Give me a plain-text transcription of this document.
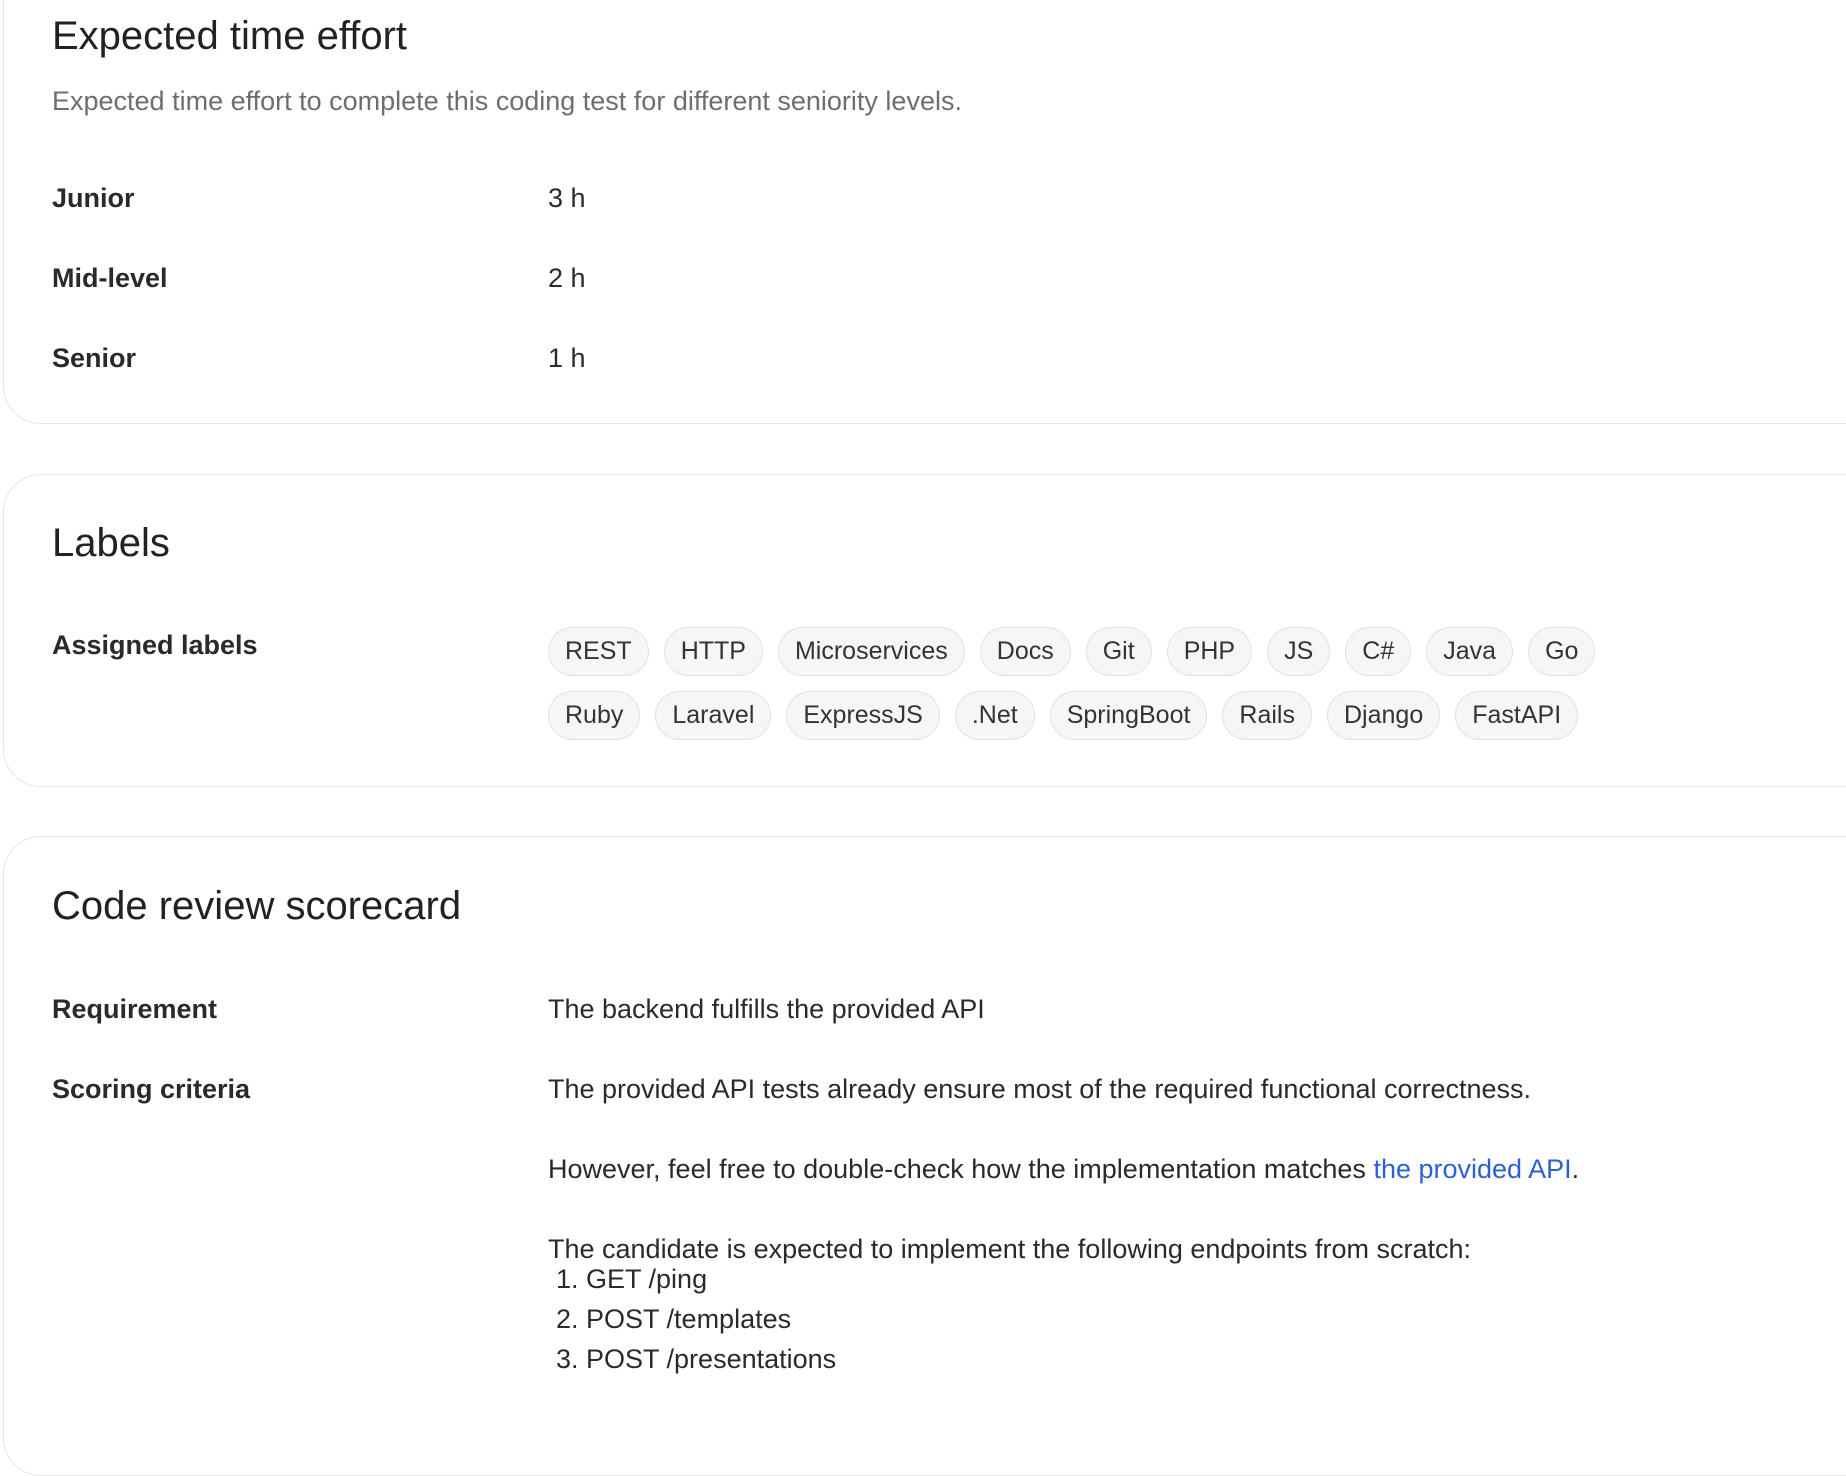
Expected time effort
Expected time effort to complete this coding test for different seniority levels.
Junior	3 h
Mid-level	2 h
Senior	1 h
Labels
Assigned labels	REST	HTTP	Microservices	Docs	Git	PHP	JS	C#	Java	Go
Ruby	Laravel	ExpressJS	.Net	SpringBoot	Rails	Django	FastAPI
Code review scorecard
Requirement	The backend fulfills the provided API
Scoring criteria	The provided API tests already ensure most of the required functional correctness.
However, feel free to double-check how the implementation matches the provided API.
The candidate is expected to implement the following endpoints from scratch:
1. GET /ping
2. POST /templates
3. POST /presentations
